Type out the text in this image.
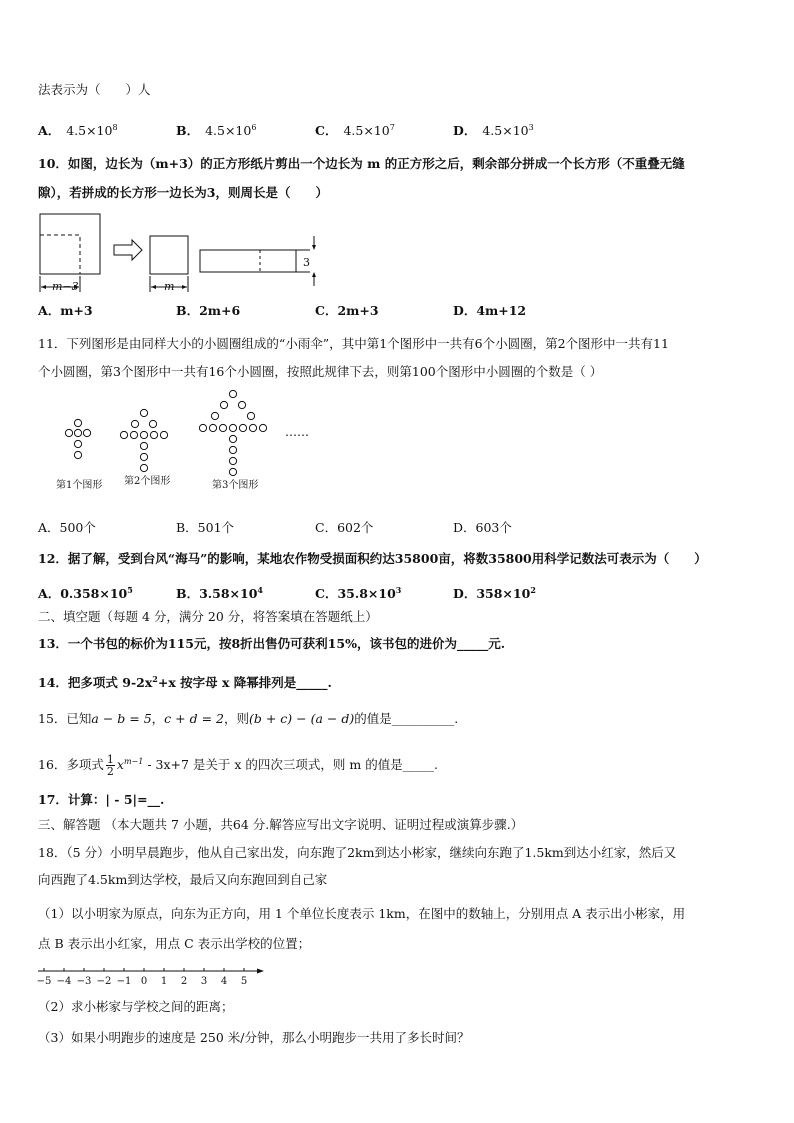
法表示为（　　）人
A． $4.5\times 10^8$	B． $4.5\times 10^6$	C． $4.5\times 10^7$	D． $4.5\times 10^3$
10．如图，边长为（m+3）的正方形纸片剪出一个边长为 m 的正方形之后，剩余部分拼成一个长方形（不重叠无缝
隙），若拼成的长方形一边长为3，则周长是（　　）
m−3	m
3
A．m+3	B．2m+6	C．2m+3	D．4m+12
11．下列图形是由同样大小的小圆圈组成的“小雨伞”，其中第1个图形中一共有6个小圆圈，第2个图形中一共有11
个小圆圈，第3个图形中一共有16个小圆圈，按照此规律下去，则第100个图形中小圆圈的个数是（ ）
……
第1个图形 第2个图形	第3个图形
A．500个	B．501个	C．602个	D．603个
12．据了解，受到台风“海马”的影响，某地农作物受损面积约达35800亩，将数35800用科学记数法可表示为（　　）
A．$0.358\times 10^5$	B．$3.58\times 10^4$	C．$35.8\times 10^3$	D．$358\times 10^2$
二、填空题（每题 4 分，满分 20 分，将答案填在答题纸上）
13．一个书包的标价为115元，按8折出售仍可获利15%，该书包的进价为_____元.
14．把多项式 $9-2x^2+x$ 按字母 x 降幂排列是_____.
15．已知a − b = 5，c + d = 2，则(b + c) − (a − d)的值是__________.
16．多项式 $\frac{1}{2} x^{m-1} - 3x+7$ 是关于 x 的四次三项式，则 m 的值是_____.
17．计算：| - 5|=__.
三、解答题 （本大题共 7 小题，共64 分.解答应写出文字说明、证明过程或演算步骤.）
18．（5 分）小明早晨跑步，他从自己家出发，向东跑了2km到达小彬家，继续向东跑了1.5km到达小红家，然后又
向西跑了4.5km到达学校，最后又向东跑回到自己家
（1）以小明家为原点，向东为正方向，用 1 个单位长度表示 1km，在图中的数轴上，分别用点 A 表示出小彬家，用
点 B 表示出小红家，用点 C 表示出学校的位置；
−5 −4 −3 −2 −1 0 1 2 3 4 5
（2）求小彬家与学校之间的距离；
（3）如果小明跑步的速度是 250 米/分钟，那么小明跑步一共用了多长时间？
